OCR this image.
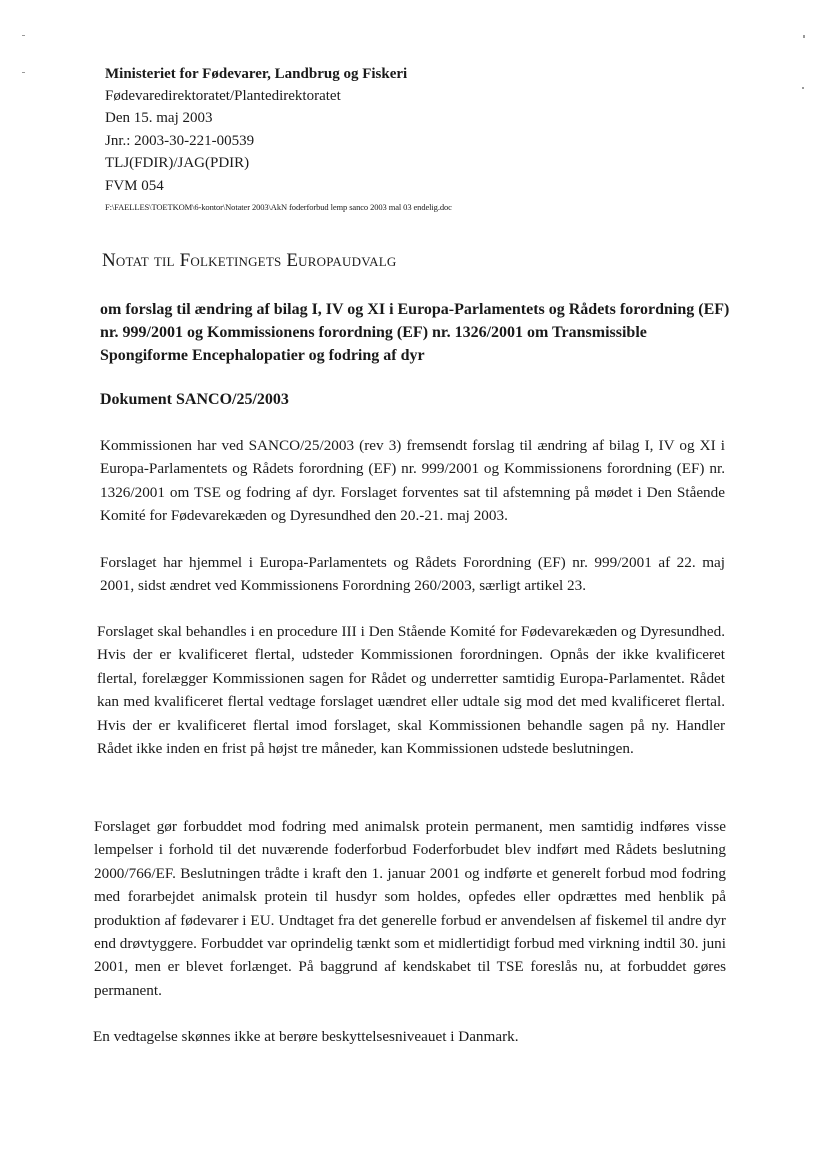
Ministeriet for Fødevarer, Landbrug og Fiskeri
Fødevaredirektoratet/Plantedirektoratet
Den 15. maj 2003
Jnr.: 2003-30-221-00539
TLJ(FDIR)/JAG(PDIR)
FVM 054
F:\FAELLES\TOETKOM\6-kontor\Notater 2003\AkN foderforbud lemp sanco 2003 mal 03 endelig.doc
Notat til Folketingets Europaudvalg
om forslag til ændring af bilag I, IV og XI i Europa-Parlamentets og Rådets forordning (EF) nr. 999/2001 og Kommissionens forordning (EF) nr. 1326/2001 om Transmissible Spongiforme Encephalopatier og fodring af dyr
Dokument SANCO/25/2003
Kommissionen har ved SANCO/25/2003 (rev 3) fremsendt forslag til ændring af bilag I, IV og XI i Europa-Parlamentets og Rådets forordning (EF) nr. 999/2001 og Kommissionens forordning (EF) nr. 1326/2001 om TSE og fodring af dyr. Forslaget forventes sat til afstemning på mødet i Den Stående Komité for Fødevarekæden og Dyresundhed den 20.-21. maj 2003.
Forslaget har hjemmel i Europa-Parlamentets og Rådets Forordning (EF) nr. 999/2001 af 22. maj 2001, sidst ændret ved Kommissionens Forordning 260/2003, særligt artikel 23.
Forslaget skal behandles i en procedure III i Den Stående Komité for Fødevarekæden og Dyresundhed. Hvis der er kvalificeret flertal, udsteder Kommissionen forordningen. Opnås der ikke kvalificeret flertal, forelægger Kommissionen sagen for Rådet og underretter samtidig Europa-Parlamentet. Rådet kan med kvalificeret flertal vedtage forslaget uændret eller udtale sig mod det med kvalificeret flertal. Hvis der er kvalificeret flertal imod forslaget, skal Kommissionen behandle sagen på ny. Handler Rådet ikke inden en frist på højst tre måneder, kan Kommissionen udstede beslutningen.
Forslaget gør forbuddet mod fodring med animalsk protein permanent, men samtidig indføres visse lempelser i forhold til det nuværende foderforbud Foderforbudet blev indført med Rådets beslutning 2000/766/EF. Beslutningen trådte i kraft den 1. januar 2001 og indførte et generelt forbud mod fodring med forarbejdet animalsk protein til husdyr som holdes, opfedes eller opdrættes med henblik på produktion af fødevarer i EU. Undtaget fra det generelle forbud er anvendelsen af fiskemel til andre dyr end drøvtyggere. Forbuddet var oprindelig tænkt som et midlertidigt forbud med virkning indtil 30. juni 2001, men er blevet forlænget. På baggrund af kendskabet til TSE foreslås nu, at forbuddet gøres permanent.
En vedtagelse skønnes ikke at berøre beskyttelsesniveauet i Danmark.
